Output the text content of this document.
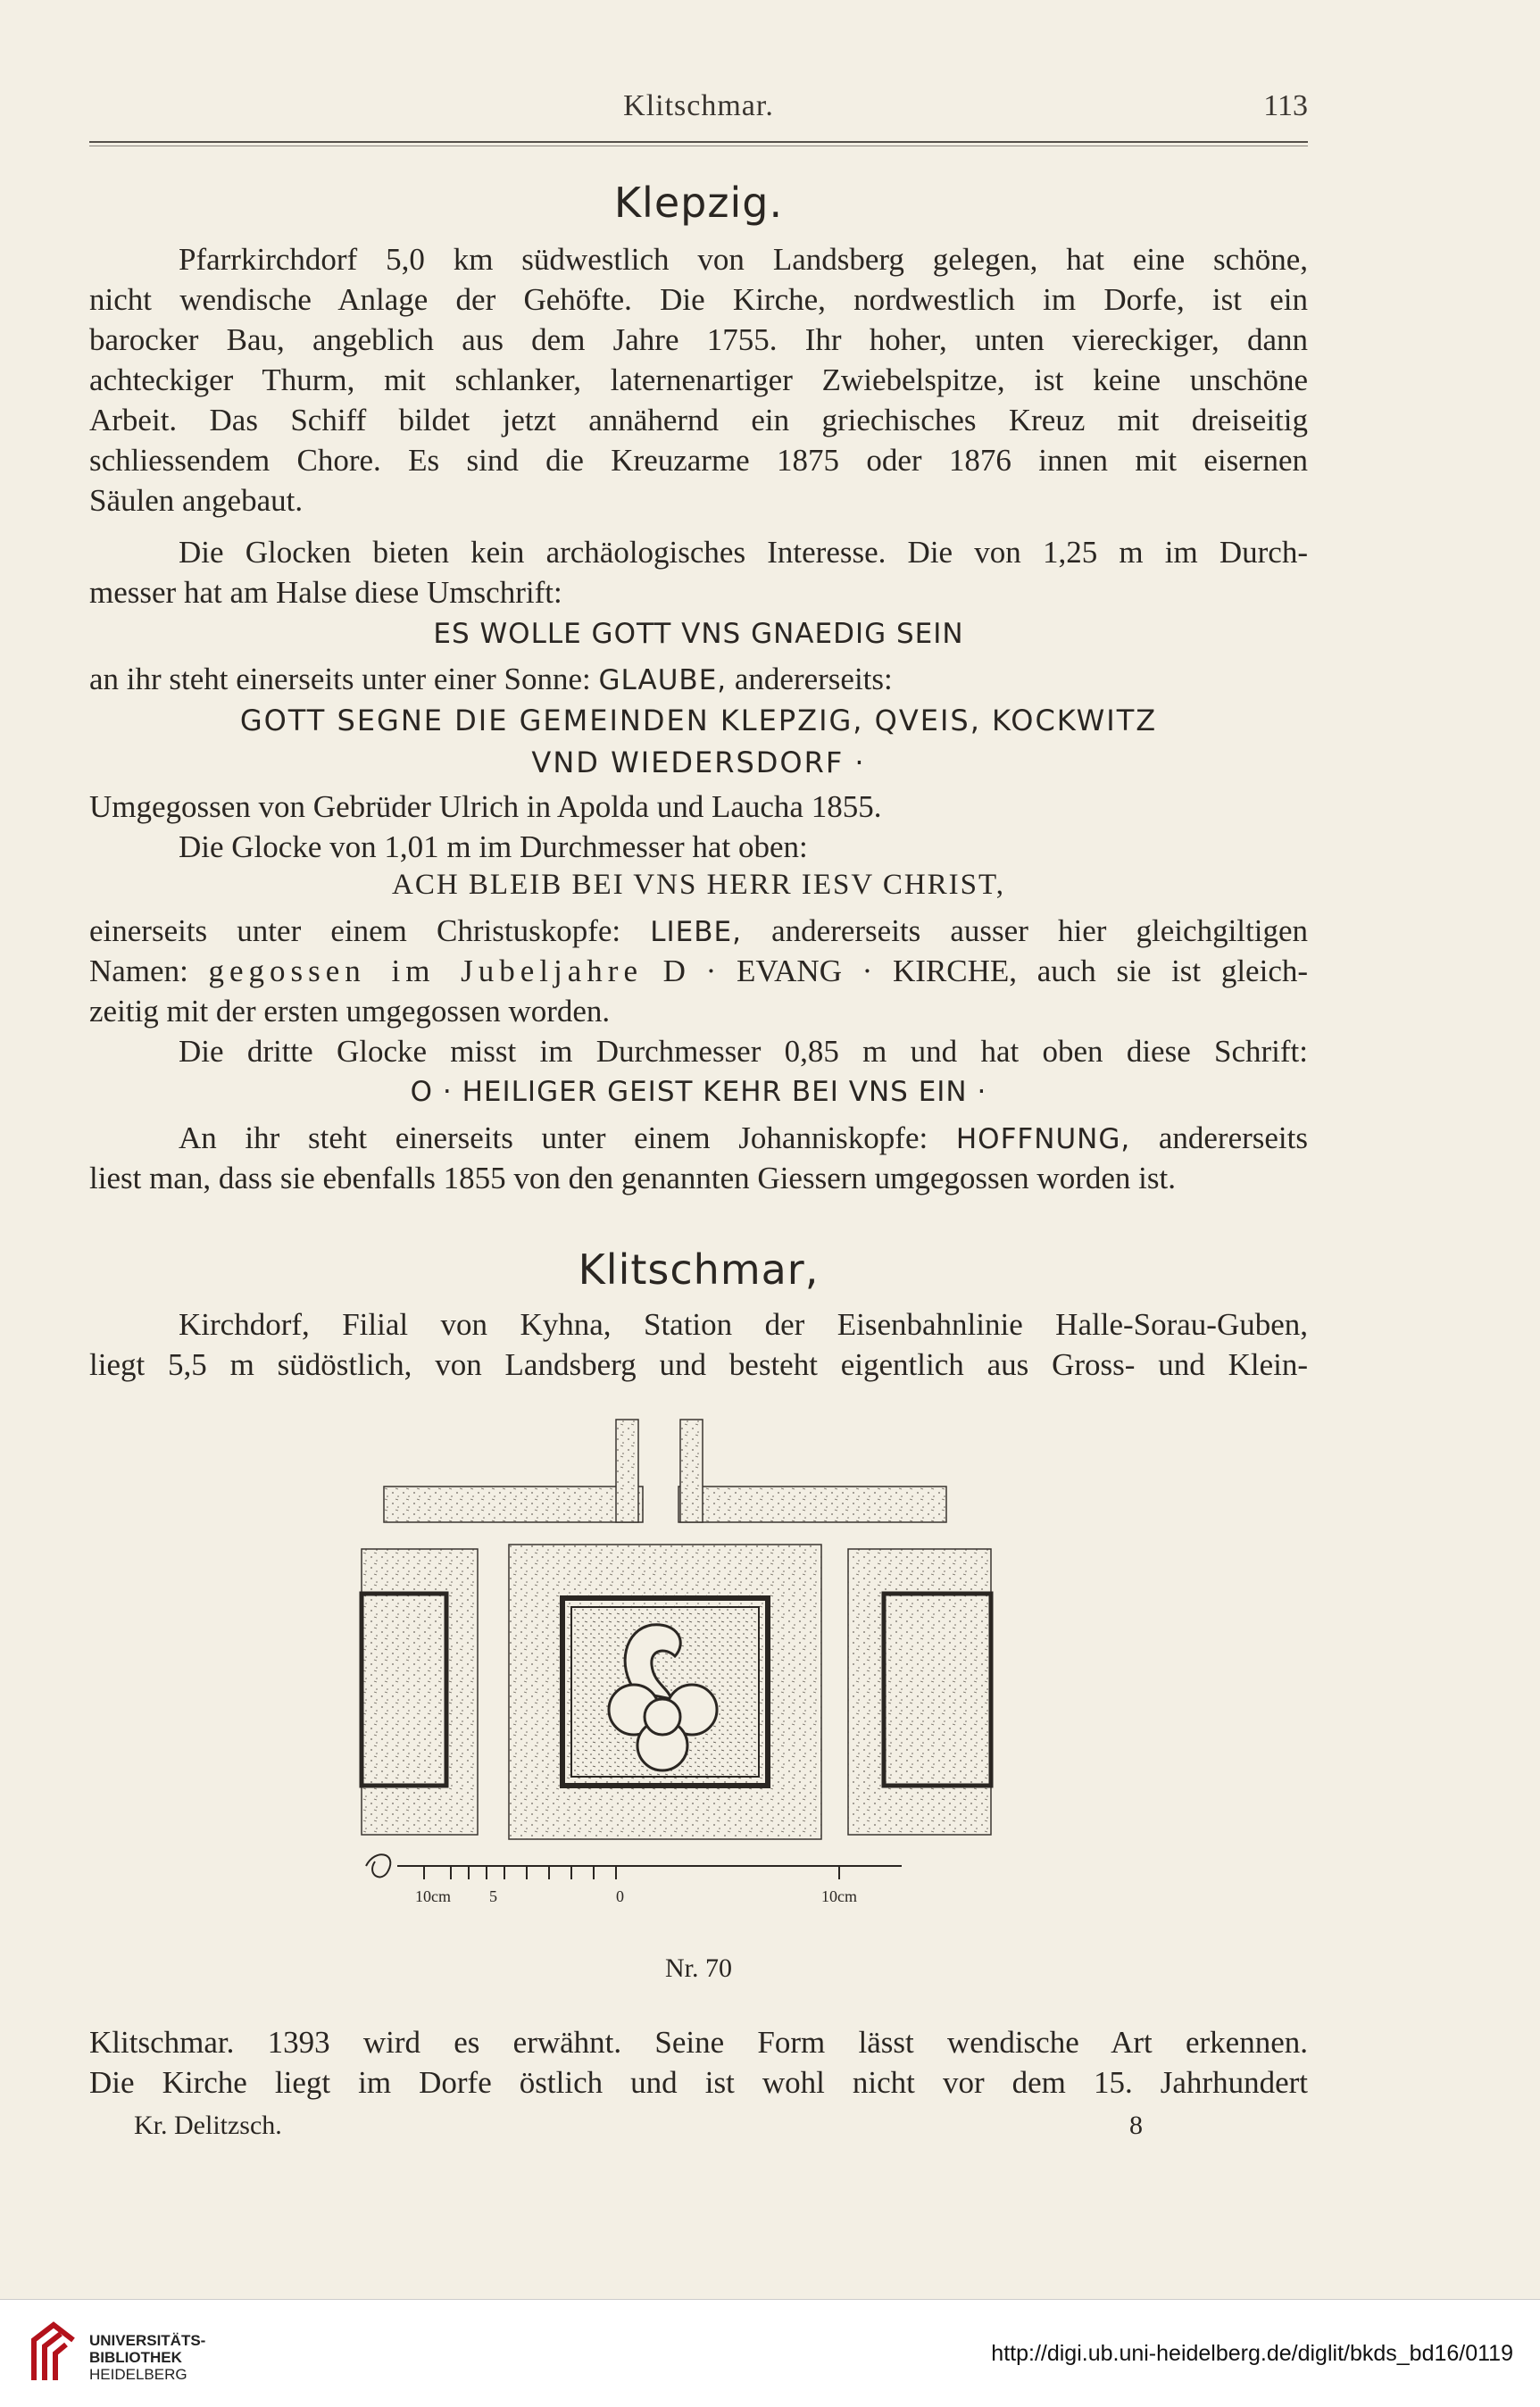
Klitschmar.	113
Klepzig.
Pfarrkirchdorf 5,0 km südwestlich von Landsberg gelegen, hat eine schöne,
nicht wendische Anlage der Gehöfte. Die Kirche, nordwestlich im Dorfe, ist ein
barocker Bau, angeblich aus dem Jahre 1755. Ihr hoher, unten viereckiger, dann
achteckiger Thurm, mit schlanker, laternenartiger Zwiebelspitze, ist keine unschöne
Arbeit. Das Schiff bildet jetzt annähernd ein griechisches Kreuz mit dreiseitig
schliessendem Chore. Es sind die Kreuzarme 1875 oder 1876 innen mit eisernen
Säulen angebaut.
Die Glocken bieten kein archäologisches Interesse. Die von 1,25 m im Durch-
messer hat am Halse diese Umschrift:
ES WOLLE GOTT VNS GNAEDIG SEIN
an ihr steht einerseits unter einer Sonne: GLAUBE, andererseits:
GOTT SEGNE DIE GEMEINDEN KLEPZIG, QVEIS, KOCKWITZ
VND WIEDERSDORF ·
Umgegossen von Gebrüder Ulrich in Apolda und Laucha 1855.
Die Glocke von 1,01 m im Durchmesser hat oben:
ACH BLEIB BEI VNS HERR IESV CHRIST,
einerseits unter einem Christuskopfe: LIEBE, andererseits ausser hier gleichgiltigen
Namen: gegossen im Jubeljahre D · EVANG · KIRCHE, auch sie ist gleich-
zeitig mit der ersten umgegossen worden.
Die dritte Glocke misst im Durchmesser 0,85 m und hat oben diese Schrift:
O · HEILIGER GEIST KEHR BEI VNS EIN ·
An ihr steht einerseits unter einem Johanniskopfe: HOFFNUNG, andererseits
liest man, dass sie ebenfalls 1855 von den genannten Giessern umgegossen worden ist.
Klitschmar,
Kirchdorf, Filial von Kyhna, Station der Eisenbahnlinie Halle-Sorau-Guben,
liegt 5,5 m südöstlich, von Landsberg und besteht eigentlich aus Gross- und Klein-
10cm 5	0	10cm
Nr. 70
Klitschmar. 1393 wird es erwähnt. Seine Form lässt wendische Art erkennen.
Die Kirche liegt im Dorfe östlich und ist wohl nicht vor dem 15. Jahrhundert
Kr. Delitzsch.	8
UNIVERSITÄTS-
BIBLIOTHEK
HEIDELBERG
http://digi.ub.uni-heidelberg.de/diglit/bkds_bd16/0119
